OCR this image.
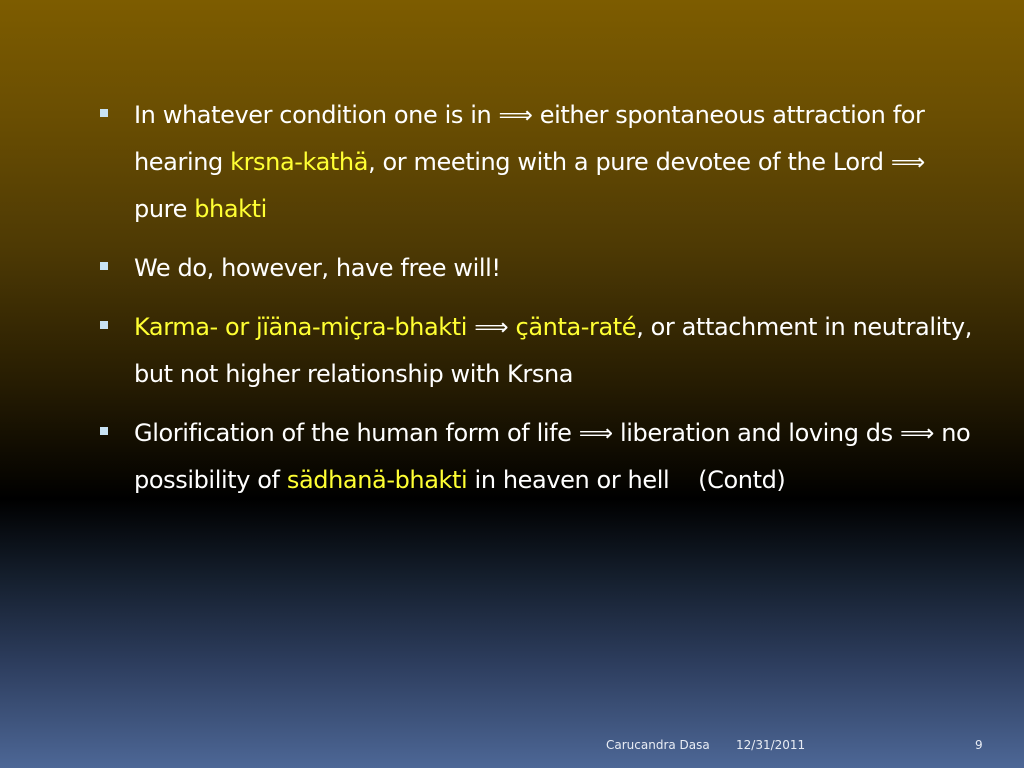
In whatever condition one is in ⟹ either spontaneous attraction for hearing krsna-kathä, or meeting with a pure devotee of the Lord ⟹ pure bhakti
We do, however, have free will!
Karma- or jïäna-miçra-bhakti ⟹ çänta-raté, or attachment in neutrality, but not higher relationship with Krsna
Glorification of the human form of life ⟹ liberation and loving ds ⟹ no possibility of sädhanä-bhakti in heaven or hell    (Contd)
Carucandra Dasa 12/31/2011	9
